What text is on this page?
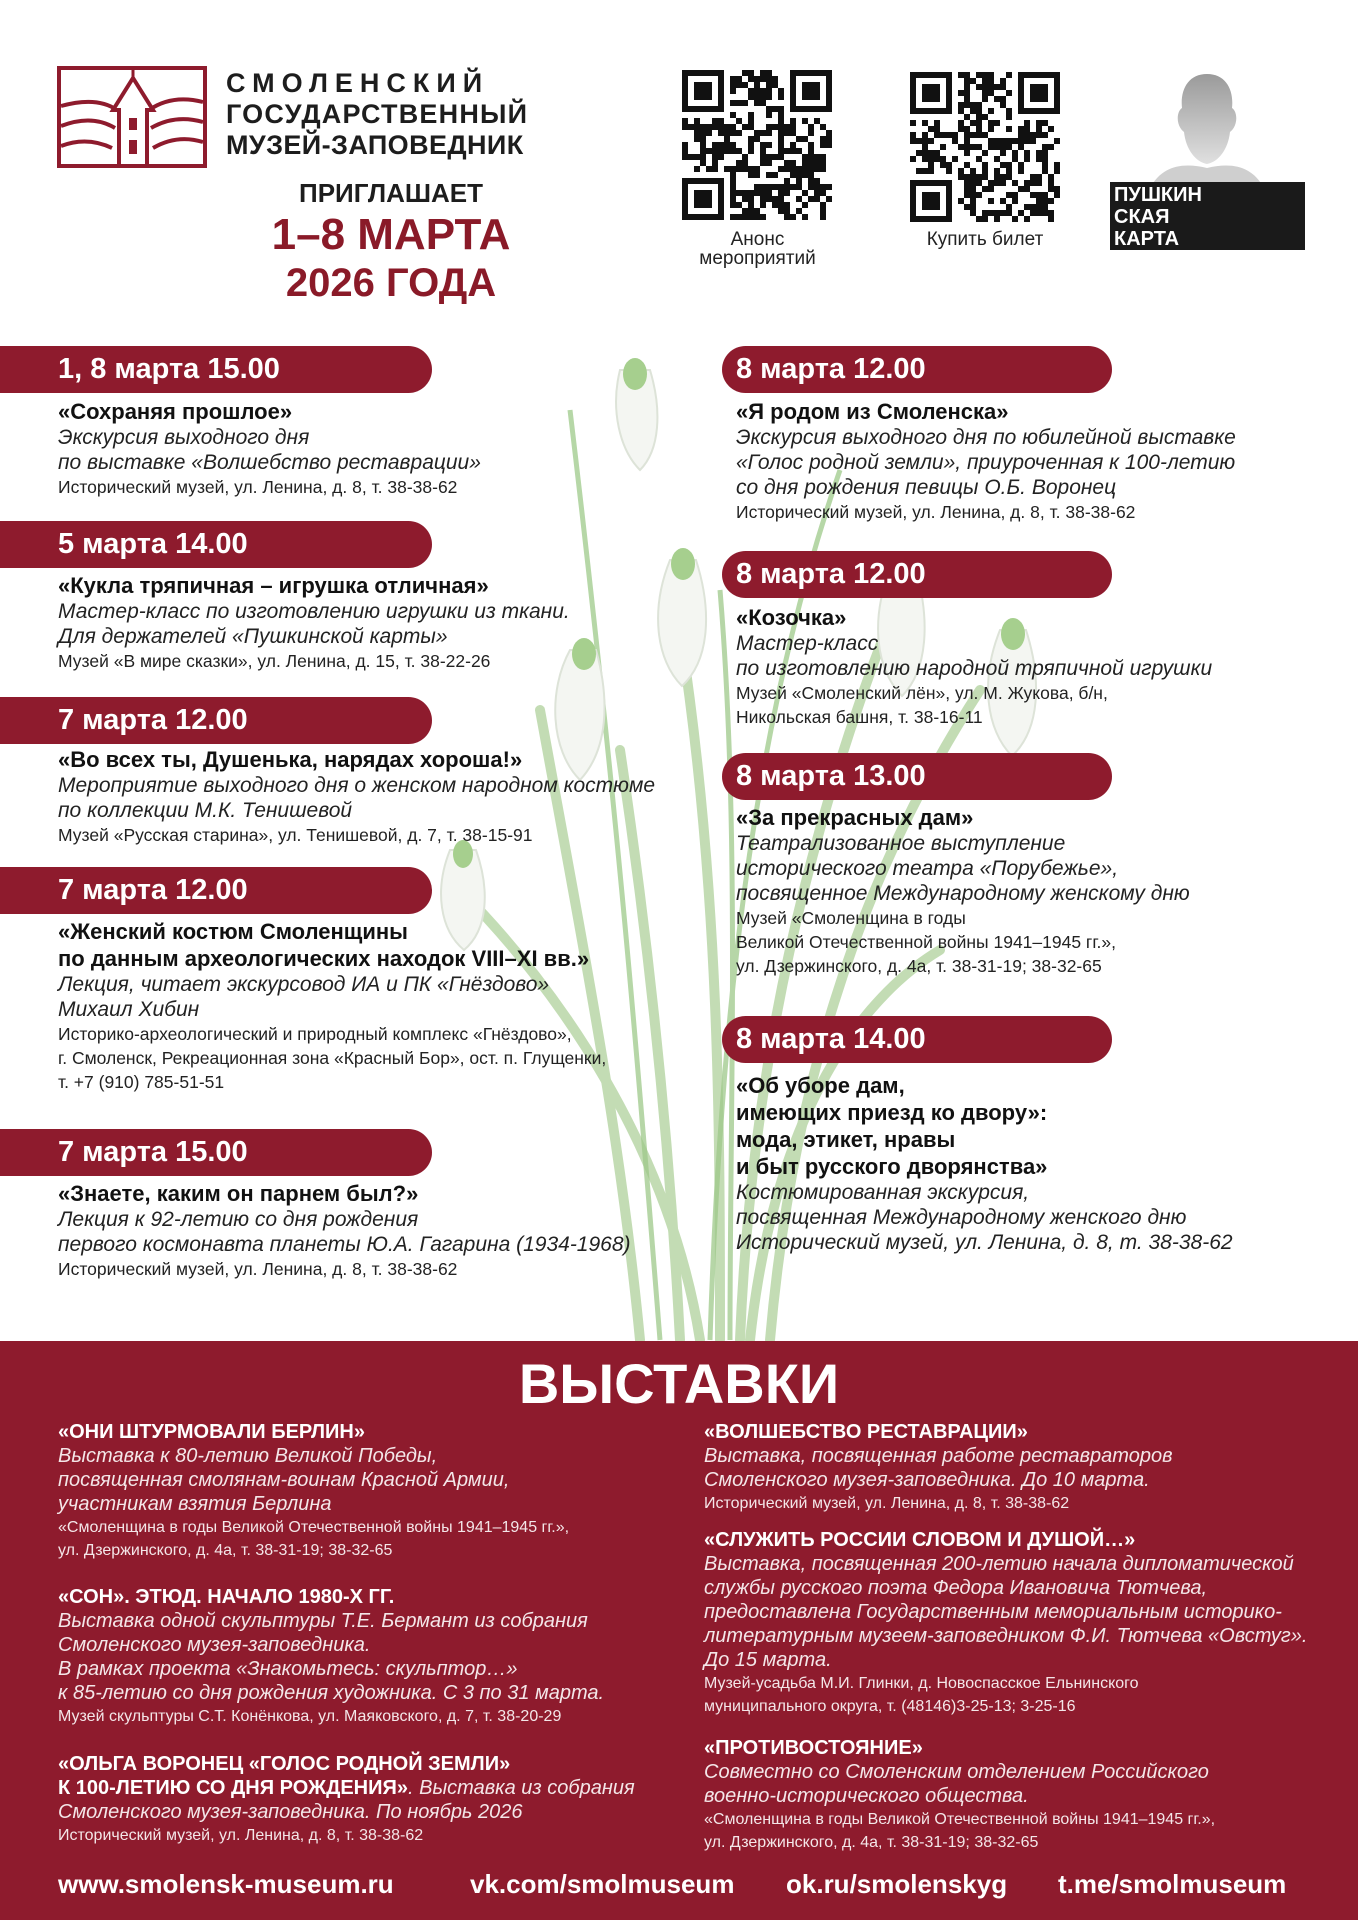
СМОЛЕНСКИЙ
ГОСУДАРСТВЕННЫЙ
МУЗЕЙ-ЗАПОВЕДНИК
ПРИГЛАШАЕТ
1–8 МАРТА
2026 ГОДА
Анонс
мероприятий
Купить билет
ПУШКИН
СКАЯ
КАРТА
1, 8 марта 15.00
«Сохраняя прошлое»
Экскурсия выходного дня
по выставке «Волшебство реставрации»
Исторический музей, ул. Ленина, д. 8, т. 38-38-62
5 марта 14.00
«Кукла тряпичная – игрушка отличная»
Мастер-класс по изготовлению игрушки из ткани.
Для держателей «Пушкинской карты»
Музей «В мире сказки», ул. Ленина, д. 15, т. 38-22-26
7 марта 12.00
«Во всех ты, Душенька, нарядах хороша!»
Мероприятие выходного дня о женском народном костюме
по коллекции М.К. Тенишевой
Музей «Русская старина», ул. Тенишевой, д. 7, т. 38-15-91
7 марта 12.00
«Женский костюм Смоленщины
по данным археологических находок VIII–XI вв.»
Лекция, читает экскурсовод ИА и ПК «Гнёздово»
Михаил Хибин
Историко-археологический и природный комплекс «Гнёздово»,
г. Смоленск, Рекреационная зона «Красный Бор», ост. п. Глущенки,
т. +7 (910) 785-51-51
7 марта 15.00
«Знаете, каким он парнем был?»
Лекция к 92-летию со дня рождения
первого космонавта планеты Ю.А. Гагарина (1934-1968)
Исторический музей, ул. Ленина, д. 8, т. 38-38-62
8 марта 12.00
«Я родом из Смоленска»
Экскурсия выходного дня по юбилейной выставке
«Голос родной земли», приуроченная к 100-летию
со дня рождения певицы О.Б. Воронец
Исторический музей, ул. Ленина, д. 8, т. 38-38-62
8 марта 12.00
«Козочка»
Мастер-класс
по изготовлению народной тряпичной игрушки
Музей «Смоленский лён», ул. М. Жукова, б/н,
Никольская башня, т. 38-16-11
8 марта 13.00
«За прекрасных дам»
Театрализованное выступление
исторического театра «Порубежье»,
посвященное Международному женскому дню
Музей «Смоленщина в годы
Великой Отечественной войны 1941–1945 гг.»,
ул. Дзержинского, д. 4а, т. 38-31-19; 38-32-65
8 марта 14.00
«Об уборе дам,
имеющих приезд ко двору»:
мода, этикет, нравы
и быт русского дворянства»
Костюмированная экскурсия,
посвященная Международному женского дню
Исторический музей, ул. Ленина, д. 8, т. 38-38-62
ВЫСТАВКИ
«ОНИ ШТУРМОВАЛИ БЕРЛИН»
Выставка к 80-летию Великой Победы,
посвященная смолянам-воинам Красной Армии,
участникам взятия Берлина
«Смоленщина в годы Великой Отечественной войны 1941–1945 гг.»,
ул. Дзержинского, д. 4а, т. 38-31-19; 38-32-65
«СОН». ЭТЮД. НАЧАЛО 1980-Х ГГ.
Выставка одной скульптуры Т.Е. Бермант из собрания
Смоленского музея-заповедника.
В рамках проекта «Знакомьтесь: скульптор…»
к 85-летию со дня рождения художника. С 3 по 31 марта.
Музей скульптуры С.Т. Конёнкова, ул. Маяковского, д. 7, т. 38-20-29
«ОЛЬГА ВОРОНЕЦ «ГОЛОС РОДНОЙ ЗЕМЛИ»
К 100-ЛЕТИЮ СО ДНЯ РОЖДЕНИЯ». Выставка из собрания
Смоленского музея-заповедника. По ноябрь 2026
Исторический музей, ул. Ленина, д. 8, т. 38-38-62
«ВОЛШЕБСТВО РЕСТАВРАЦИИ»
Выставка, посвященная работе реставраторов
Смоленского музея-заповедника. До 10 марта.
Исторический музей, ул. Ленина, д. 8, т. 38-38-62
«СЛУЖИТЬ РОССИИ СЛОВОМ И ДУШОЙ…»
Выставка, посвященная 200-летию начала дипломатической
службы русского поэта Федора Ивановича Тютчева,
предоставлена Государственным мемориальным историко-
литературным музеем-заповедником Ф.И. Тютчева «Овстуг».
До 15 марта.
Музей-усадьба М.И. Глинки, д. Новоспасское Ельнинского
муниципального округа, т. (48146)3-25-13; 3-25-16
«ПРОТИВОСТОЯНИЕ»
Совместно со Смоленским отделением Российского
военно-исторического общества.
«Смоленщина в годы Великой Отечественной войны 1941–1945 гг.»,
ул. Дзержинского, д. 4а, т. 38-31-19; 38-32-65
www.smolensk-museum.ru	vk.com/smolmuseum ok.ru/smolenskyg t.me/smolmuseum
